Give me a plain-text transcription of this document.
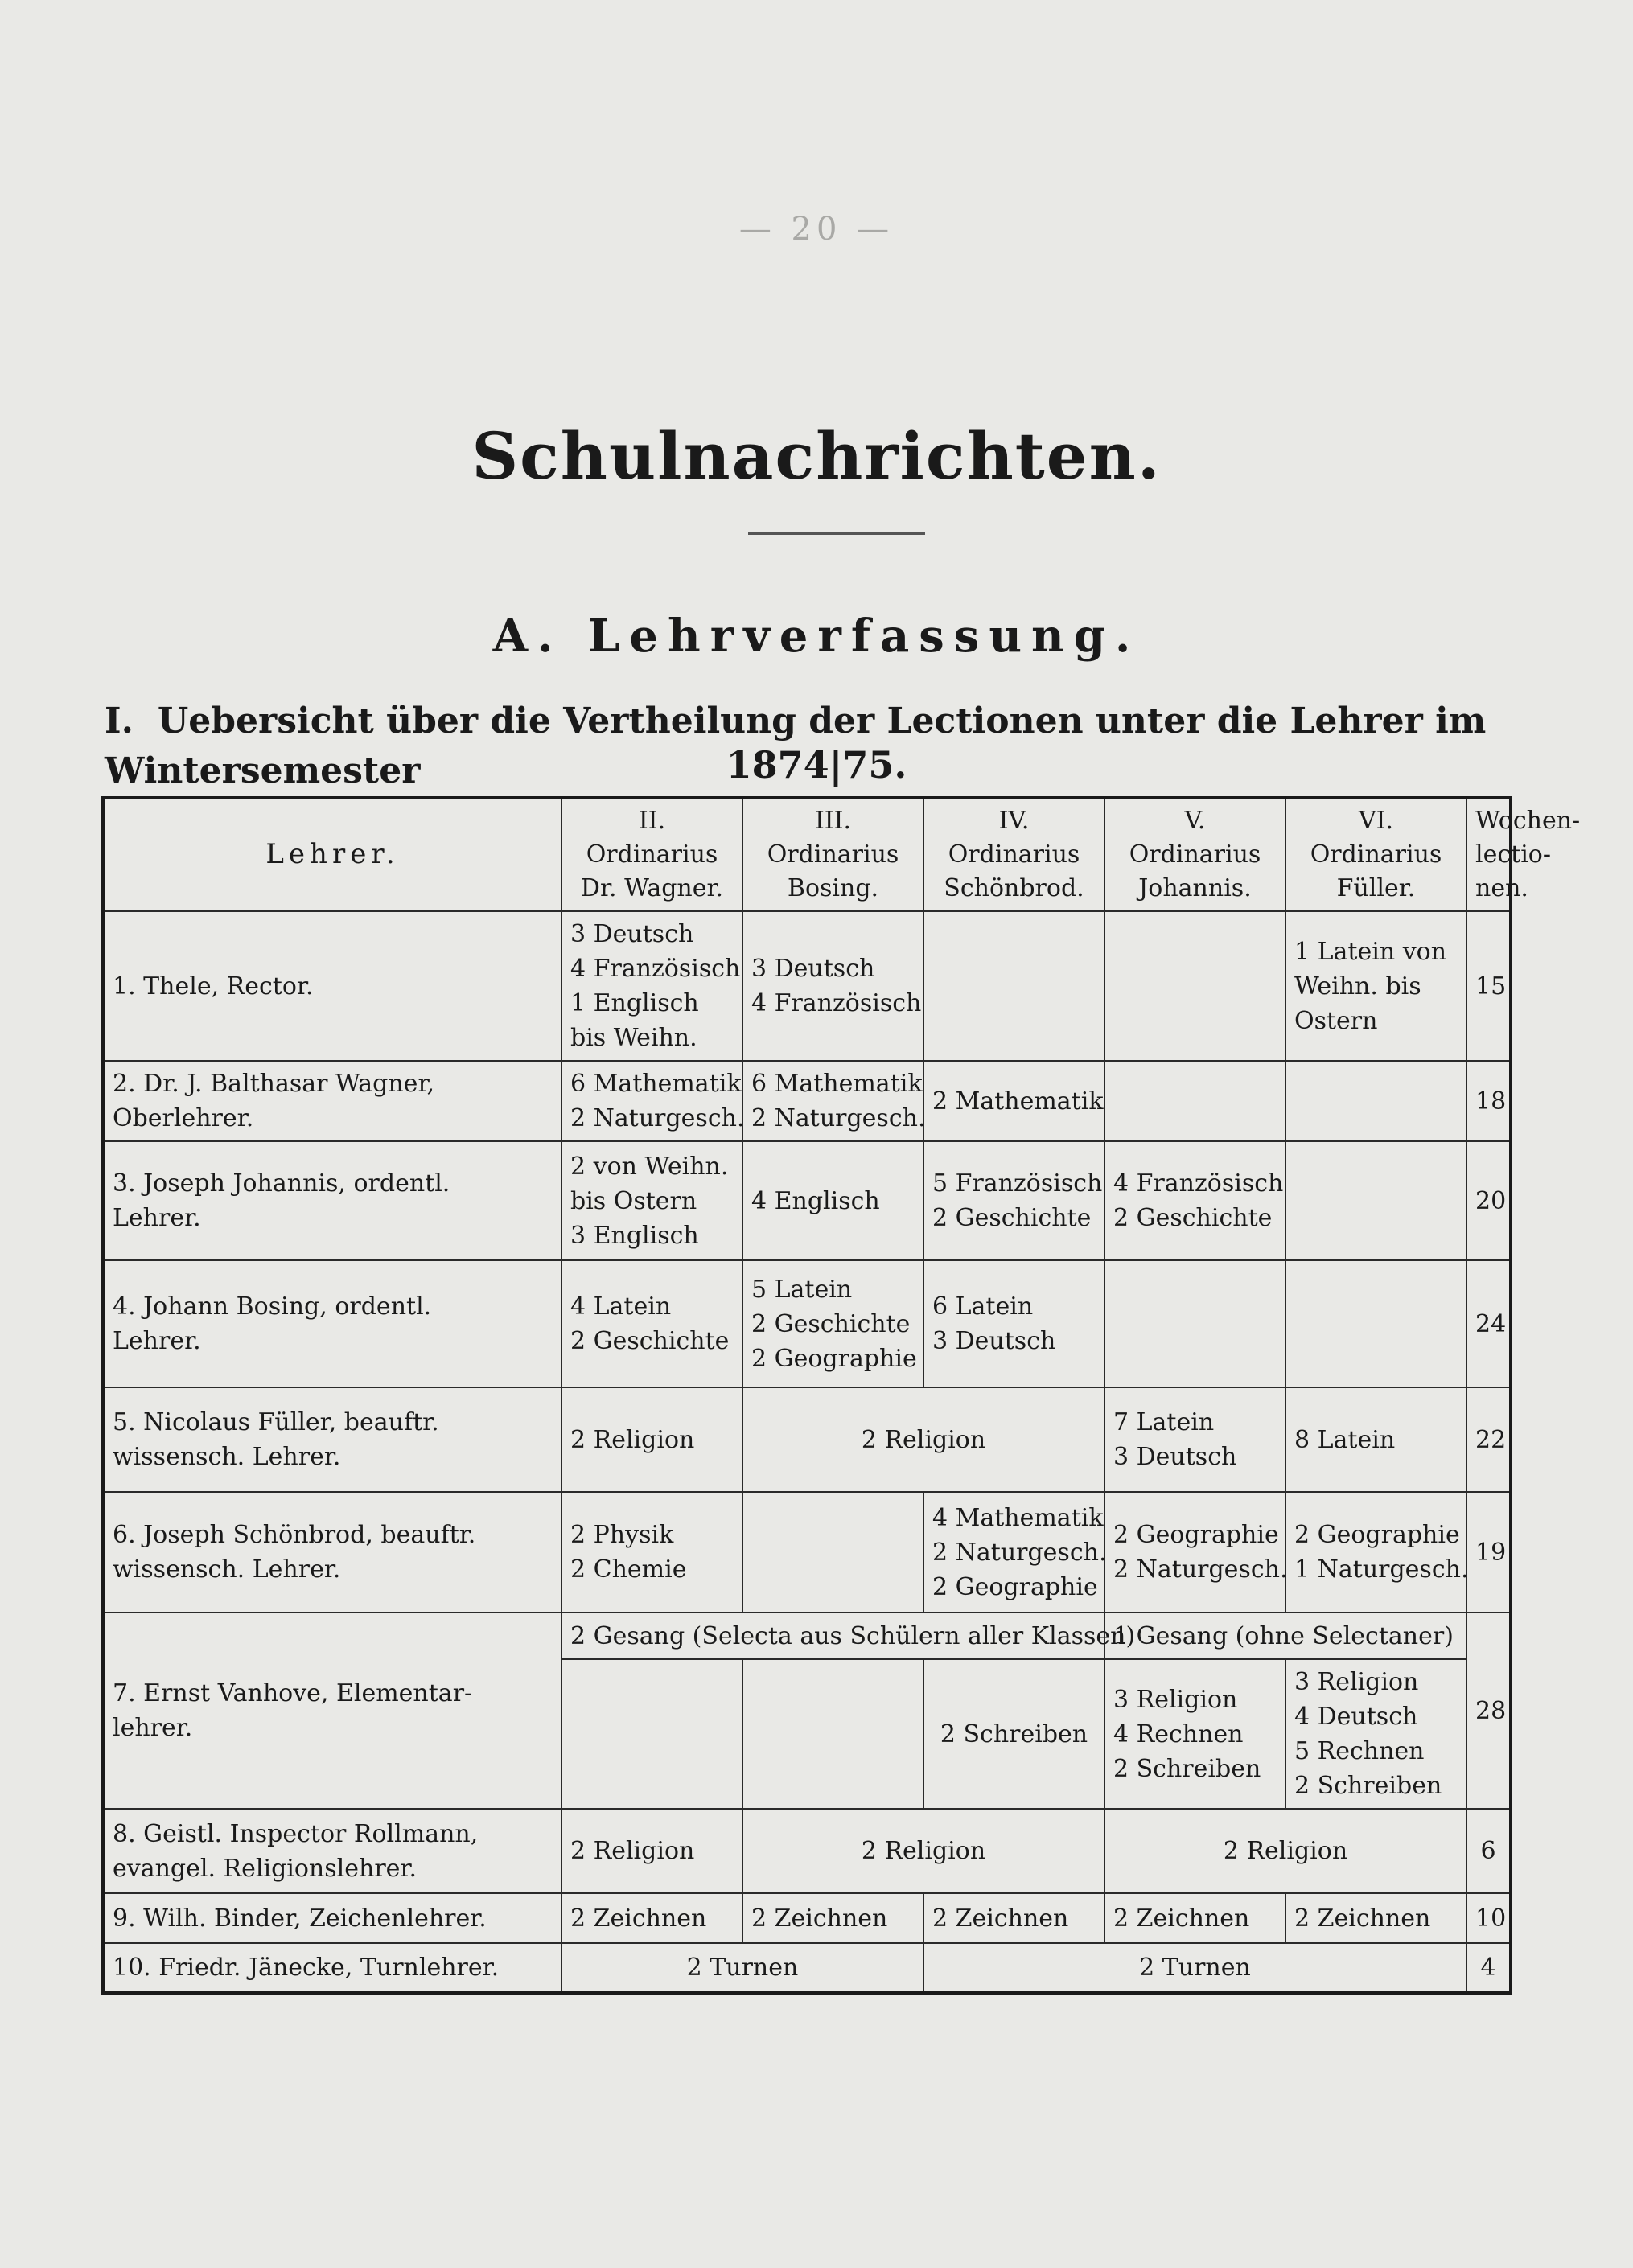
— 20 —
Schulnachrichten.
A. Lehrverfassung.
I. Uebersicht über die Vertheilung der Lectionen unter die Lehrer im Wintersemester	1874|75.
Lehrer.	II.
Ordinarius
Dr. Wagner.	III.
Ordinarius
Bosing.	IV.
Ordinarius
Schönbrod.	V.
Ordinarius
Johannis.	VI.
Ordinarius
Füller.	Wochen-
lectio-
nen.

1. Thele, Rector.	3 Deutsch
4 Französisch
1 Englisch
bis Weihn.	3 Deutsch
4 Französisch			1 Latein von
Weihn. bis
Ostern	15

2. Dr. J. Balthasar Wagner,
Oberlehrer.	6 Mathematik
2 Naturgesch.	6 Mathematik
2 Naturgesch.	2 Mathematik			18

3. Joseph Johannis, ordentl.
Lehrer.	2 von Weihn.
bis Ostern
3 Englisch	4 Englisch	5 Französisch
2 Geschichte	4 Französisch
2 Geschichte		20

4. Johann Bosing, ordentl.
Lehrer.	4 Latein
2 Geschichte	5 Latein
2 Geschichte
2 Geographie	6 Latein
3 Deutsch			24

5. Nicolaus Füller, beauftr.
wissensch. Lehrer.	2 Religion	2 Religion		7 Latein
3 Deutsch	8 Latein	22

6. Joseph Schönbrod, beauftr.
wissensch. Lehrer.	2 Physik
2 Chemie		4 Mathematik
2 Naturgesch.
2 Geographie	2 Geographie
2 Naturgesch.	2 Geographie
1 Naturgesch.	19

7. Ernst Vanhove, Elementar-
lehrer.	2 Gesang (Selecta aus Schülern aller Klassen)			1 Gesang (ohne Selectaner)		28

			2 Schreiben	3 Religion
4 Rechnen
2 Schreiben	3 Religion
4 Deutsch
5 Rechnen
2 Schreiben	

8. Geistl. Inspector Rollmann,
evangel. Religionslehrer.	2 Religion	2 Religion		2 Religion		6

9. Wilh. Binder, Zeichenlehrer.	2 Zeichnen	2 Zeichnen	2 Zeichnen	2 Zeichnen	2 Zeichnen	10

10. Friedr. Jänecke, Turnlehrer.	2 Turnen		2 Turnen			4
